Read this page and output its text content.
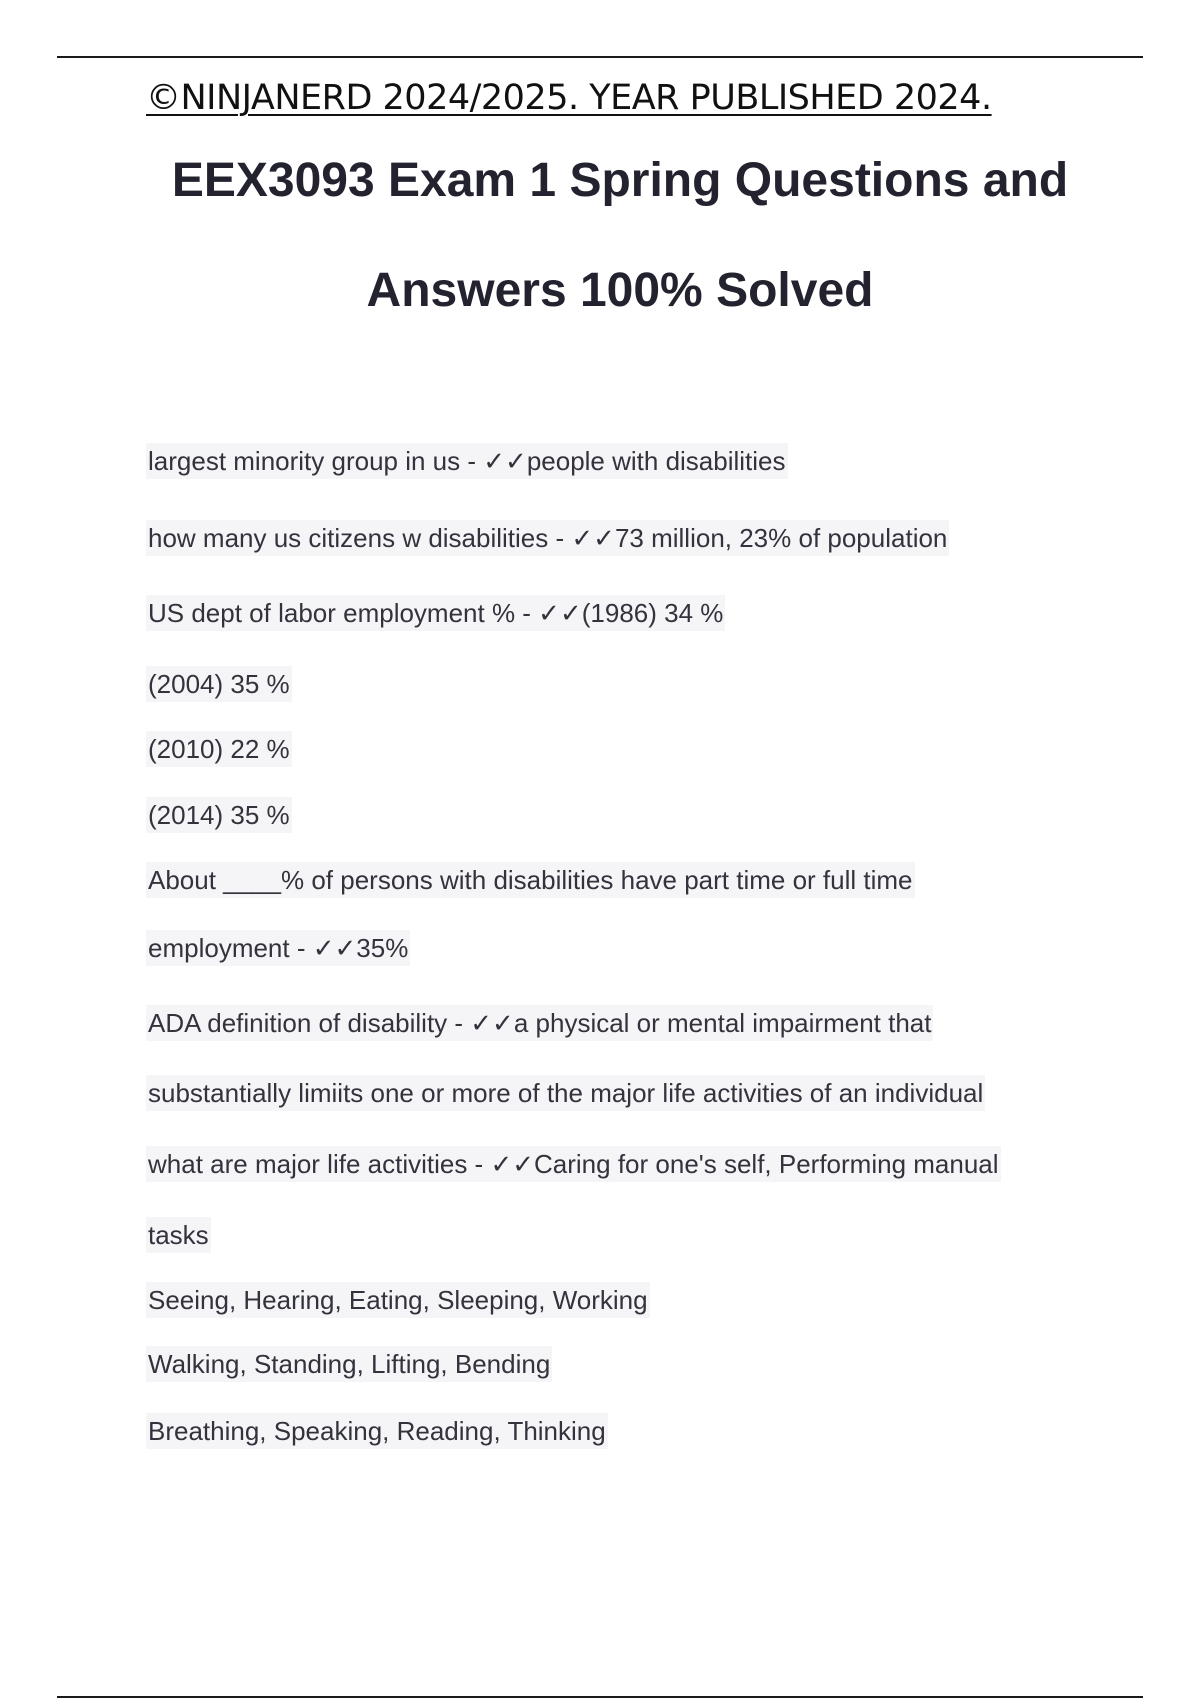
©NINJANERD 2024/2025. YEAR PUBLISHED 2024.
EEX3093 Exam 1 Spring Questions and
Answers 100% Solved
largest minority group in us - ✓✓people with disabilities
how many us citizens w disabilities - ✓✓73 million, 23% of population
US dept of labor employment % - ✓✓(1986) 34 %
(2004) 35 %
(2010) 22 %
(2014) 35 %
About ____% of persons with disabilities have part time or full time
employment - ✓✓35%
ADA definition of disability - ✓✓a physical or mental impairment that
substantially limiits one or more of the major life activities of an individual
what are major life activities - ✓✓Caring for one's self, Performing manual
tasks
Seeing, Hearing, Eating, Sleeping, Working
Walking, Standing, Lifting, Bending
Breathing, Speaking, Reading, Thinking
